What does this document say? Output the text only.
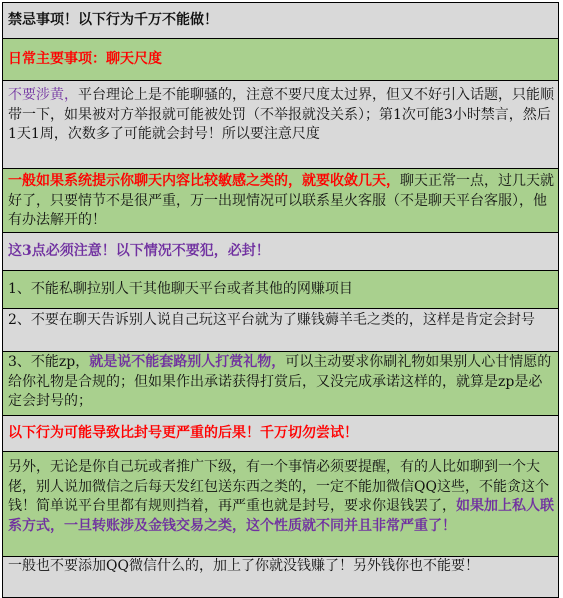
禁忌事项！以下行为千万不能做！
日常主要事项：聊天尺度
不要涉黄，平台理论上是不能聊骚的，注意不要尺度太过界，但又不好引入话题，只能顺带一下，如果被对方举报就可能被处罚（不举报就没关系）；第1次可能3小时禁言，然后1天1周，次数多了可能就会封号！所以要注意尺度
一般如果系统提示你聊天内容比较敏感之类的，就要收敛几天，聊天正常一点，过几天就好了，只要情节不是很严重，万一出现情况可以联系星火客服（不是聊天平台客服），他有办法解开的！
这3点必须注意！以下情况不要犯，必封！
1、不能私聊拉别人干其他聊天平台或者其他的网赚项目
2、不要在聊天告诉别人说自己玩这平台就为了赚钱薅羊毛之类的，这样是肯定会封号
3、不能zp，就是说不能套路别人打赏礼物，可以主动要求你刷礼物如果别人心甘情愿的给你礼物是合规的；但如果作出承诺获得打赏后，又没完成承诺这样的，就算是zp是必定会封号的；
以下行为可能导致比封号更严重的后果！千万切勿尝试！
另外，无论是你自己玩或者推广下级，有一个事情必须要提醒，有的人比如聊到一个大佬，别人说加微信之后每天发红包送东西之类的，一定不能加微信QQ这些，不能贪这个钱！简单说平台里都有规则挡着，再严重也就是封号，要求你退钱罢了，如果加上私人联系方式，一旦转账涉及金钱交易之类，这个性质就不同并且非常严重了！
一般也不要添加QQ微信什么的，加上了你就没钱赚了！另外钱你也不能要！
